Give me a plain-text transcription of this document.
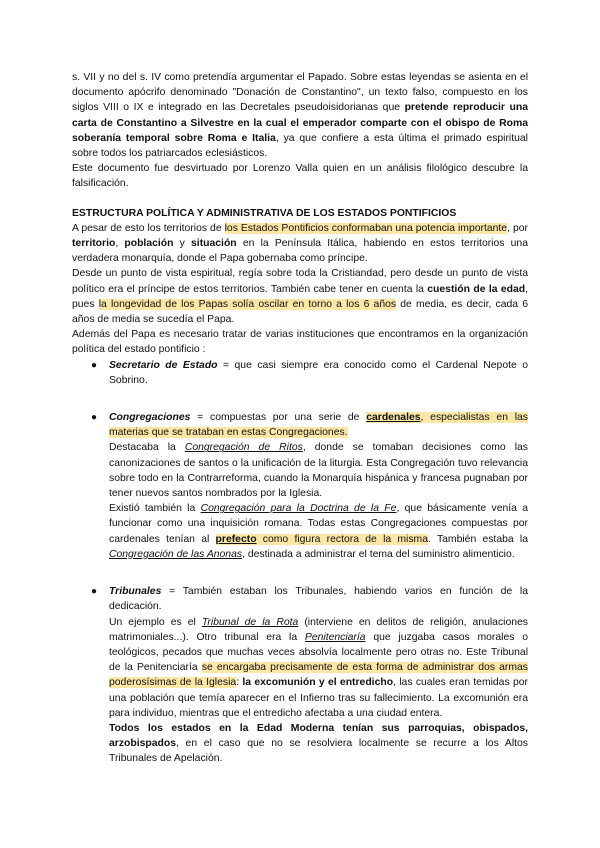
s. VII y no del s. IV como pretendía argumentar el Papado. Sobre estas leyendas se asienta en el documento apócrifo denominado "Donación de Constantino", un texto falso, compuesto en los siglos VIII o IX e integrado en las Decretales pseudoisidorianas que pretende reproducir una carta de Constantino a Silvestre en la cual el emperador comparte con el obispo de Roma soberanía temporal sobre Roma e Italia, ya que confiere a esta última el primado espiritual sobre todos los patriarcados eclesiásticos.

Este documento fue desvirtuado por Lorenzo Valla quien en un análisis filológico descubre la falsificación.

ESTRUCTURA POLÍTICA Y ADMINISTRATIVA DE LOS ESTADOS PONTIFICIOS

A pesar de esto los territorios de los Estados Pontificios conformaban una potencia importante, por territorio, población y situación en la Península Itálica, habiendo en estos territorios una verdadera monarquía, donde el Papa gobernaba como príncipe.

Desde un punto de vista espiritual, regía sobre toda la Cristiandad, pero desde un punto de vista político era el príncipe de estos territorios. También cabe tener en cuenta la cuestión de la edad, pues la longevidad de los Papas solía oscilar en torno a los 6 años de media, es decir, cada 6 años de media se sucedía el Papa.

Además del Papa es necesario tratar de varias instituciones que encontramos en la organización política del estado pontificio :

● Secretario de Estado = que casi siempre era conocido como el Cardenal Nepote o Sobrino.

● Congregaciones = compuestas por una serie de cardenales, especialistas en las materias que se trataban en estas Congregaciones.

Destacaba la Congregación de Ritos, donde se tomaban decisiones como las canonizaciones de santos o la unificación de la liturgia. Esta Congregación tuvo relevancia sobre todo en la Contrarreforma, cuando la Monarquía hispánica y francesa pugnaban por tener nuevos santos nombrados por la Iglesia.

Existió también la Congregación para la Doctrina de la Fe, que básicamente venía a funcionar como una inquisición romana. Todas estas Congregaciones compuestas por cardenales tenían al prefecto como figura rectora de la misma. También estaba la Congregación de las Anonas, destinada a administrar el tema del suministro alimenticio.

● Tribunales = También estaban los Tribunales, habiendo varios en función de la dedicación.

Un ejemplo es el Tribunal de la Rota (interviene en delitos de religión, anulaciones matrimoniales...). Otro tribunal era la Penitenciaría que juzgaba casos morales o teológicos, pecados que muchas veces absolvía localmente pero otras no. Este Tribunal de la Penitenciaría se encargaba precisamente de esta forma de administrar dos armas poderosísimas de la Iglesia: la excomunión y el entredicho, las cuales eran temidas por una población que temía aparecer en el Infierno tras su fallecimiento. La excomunión era para individuo, mientras que el entredicho afectaba a una ciudad entera.

Todos los estados en la Edad Moderna tenían sus parroquias, obispados, arzobispados, en el caso que no se resolviera localmente se recurre a los Altos Tribunales de Apelación.
